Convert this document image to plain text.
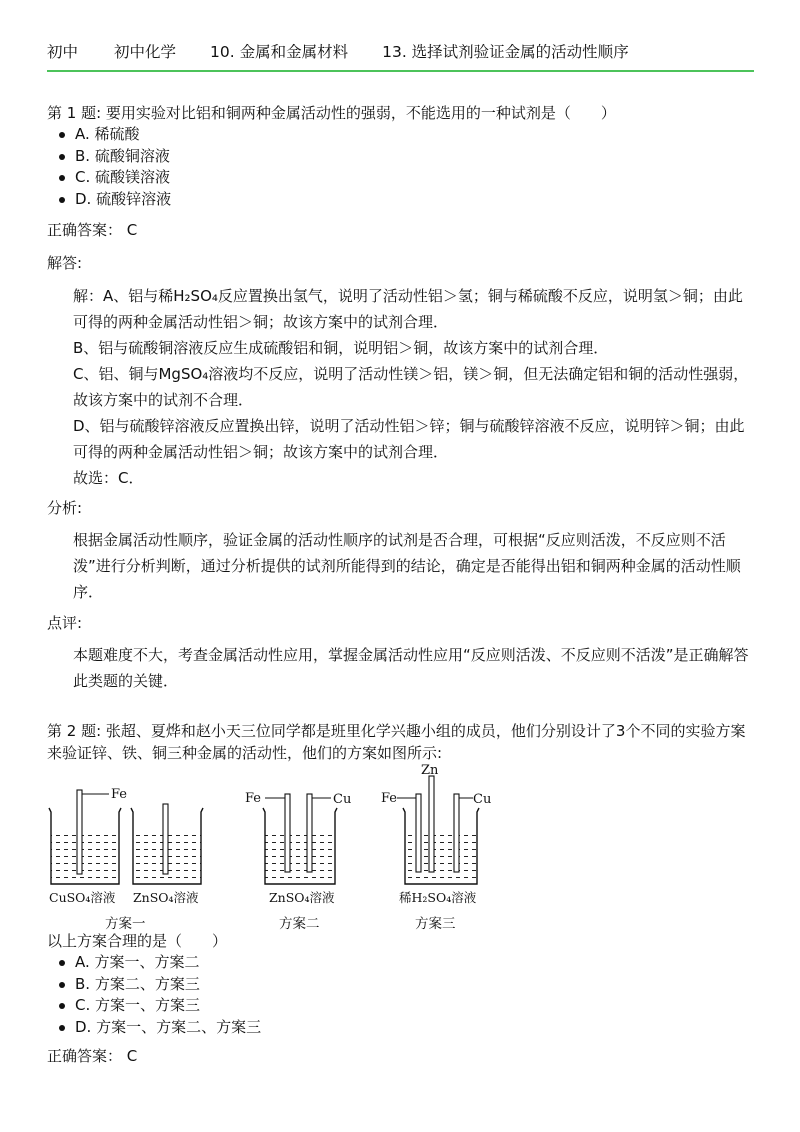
初中 初中化学 10. 金属和金属材料 13. 选择试剂验证金属的活动性顺序
第 1 题: 要用实验对比铝和铜两种金属活动性的强弱，不能选用的一种试剂是（　　）
A. 稀硫酸
B. 硫酸铜溶液
C. 硫酸镁溶液
D. 硫酸锌溶液
正确答案： C
解答:
解：A、铝与稀H₂SO₄反应置换出氢气，说明了活动性铝＞氢；铜与稀硫酸不反应，说明氢＞铜；由此可得的两种金属活动性铝＞铜；故该方案中的试剂合理．
B、铝与硫酸铜溶液反应生成硫酸铝和铜，说明铝＞铜，故该方案中的试剂合理．
C、铝、铜与MgSO₄溶液均不反应，说明了活动性镁＞铝，镁＞铜，但无法确定铝和铜的活动性强弱，故该方案中的试剂不合理．
D、铝与硫酸锌溶液反应置换出锌，说明了活动性铝＞锌；铜与硫酸锌溶液不反应，说明锌＞铜；由此可得的两种金属活动性铝＞铜；故该方案中的试剂合理．
故选：C．
分析:
根据金属活动性顺序，验证金属的活动性顺序的试剂是否合理，可根据“反应则活泼，不反应则不活泼”进行分析判断，通过分析提供的试剂所能得到的结论，确定是否能得出铝和铜两种金属的活动性顺序．
点评:
本题难度不大，考查金属活动性应用，掌握金属活动性应用“反应则活泼、不反应则不活泼”是正确解答此类题的关键．
第 2 题: 张超、夏烨和赵小天三位同学都是班里化学兴趣小组的成员，他们分别设计了3个不同的实验方案来验证锌、铁、铜三种金属的活动性，他们的方案如图所示:
Fe	Fe	Cu
Zn
Fe	Cu
CuSO₄溶液 ZnSO₄溶液	ZnSO₄溶液	稀H₂SO₄溶液
方案一	方案二	方案三
以上方案合理的是（　　）
A. 方案一、方案二
B. 方案二、方案三
C. 方案一、方案三
D. 方案一、方案二、方案三
正确答案： C
